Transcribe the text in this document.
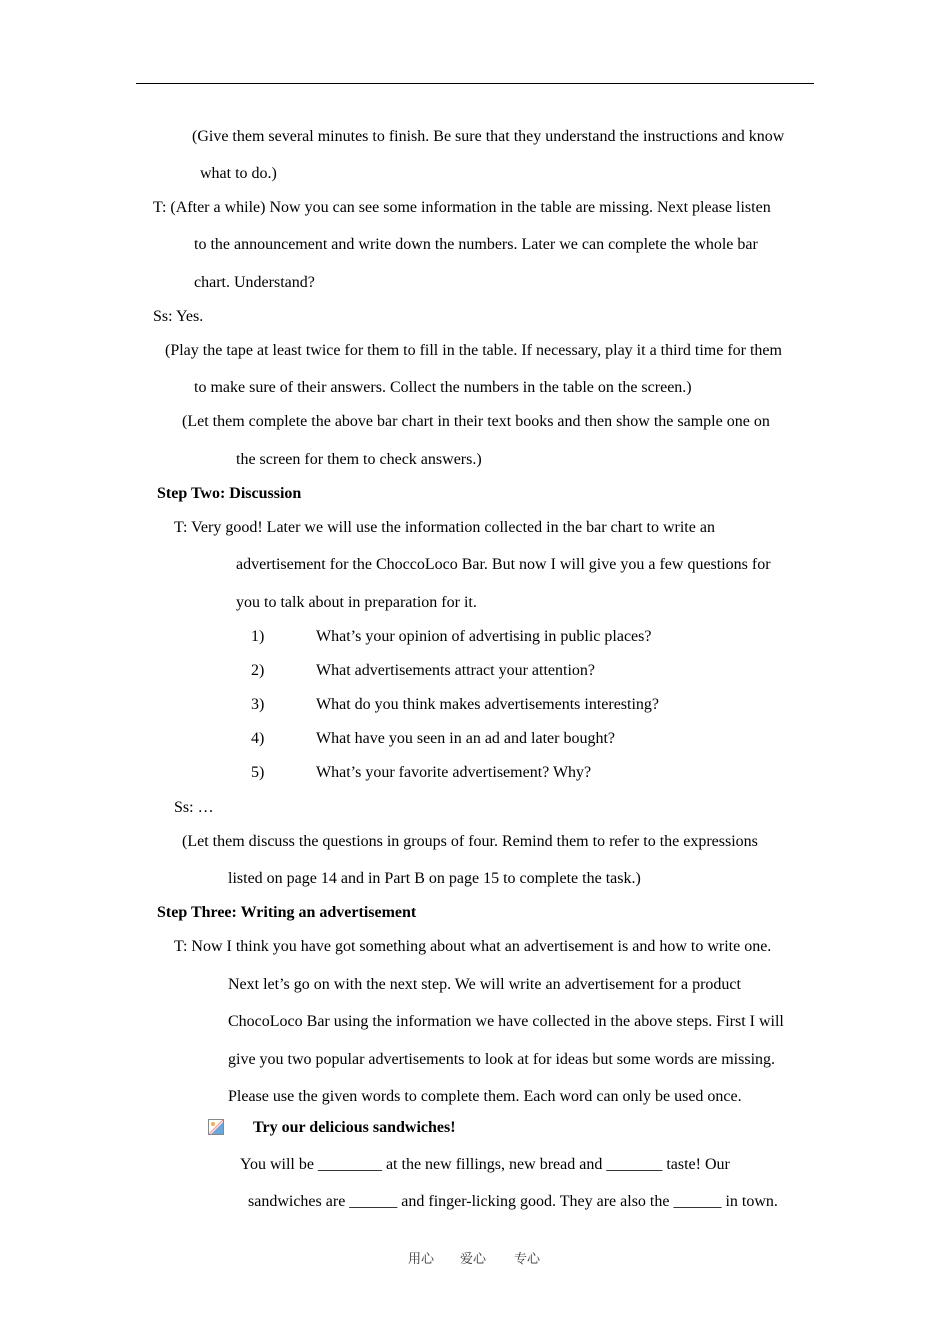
(Give them several minutes to finish. Be sure that they understand the instructions and know
what to do.)
T: (After a while) Now you can see some information in the table are missing. Next please listen
to the announcement and write down the numbers. Later we can complete the whole bar
chart. Understand?
Ss: Yes.
(Play the tape at least twice for them to fill in the table. If necessary, play it a third time for them
to make sure of their answers. Collect the numbers in the table on the screen.)
(Let them complete the above bar chart in their text books and then show the sample one on
the screen for them to check answers.)
Step Two: Discussion
T: Very good! Later we will use the information collected in the bar chart to write an
advertisement for the ChoccoLoco Bar. But now I will give you a few questions for
you to talk about in preparation for it.
1)	What’s your opinion of advertising in public places?
2)	What advertisements attract your attention?
3)	What do you think makes advertisements interesting?
4)	What have you seen in an ad and later bought?
5)	What’s your favorite advertisement? Why?
Ss: …
(Let them discuss the questions in groups of four. Remind them to refer to the expressions
listed on page 14 and in Part B on page 15 to complete the task.)
Step Three: Writing an advertisement
T: Now I think you have got something about what an advertisement is and how to write one.
Next let’s go on with the next step. We will write an advertisement for a product
ChocoLoco Bar using the information we have collected in the above steps. First I will
give you two popular advertisements to look at for ideas but some words are missing.
Please use the given words to complete them. Each word can only be used once.
Try our delicious sandwiches!
You will be ________ at the new fillings, new bread and _______ taste! Our
sandwiches are ______ and finger-licking good. They are also the ______ in town.
用心 爱心 专心
